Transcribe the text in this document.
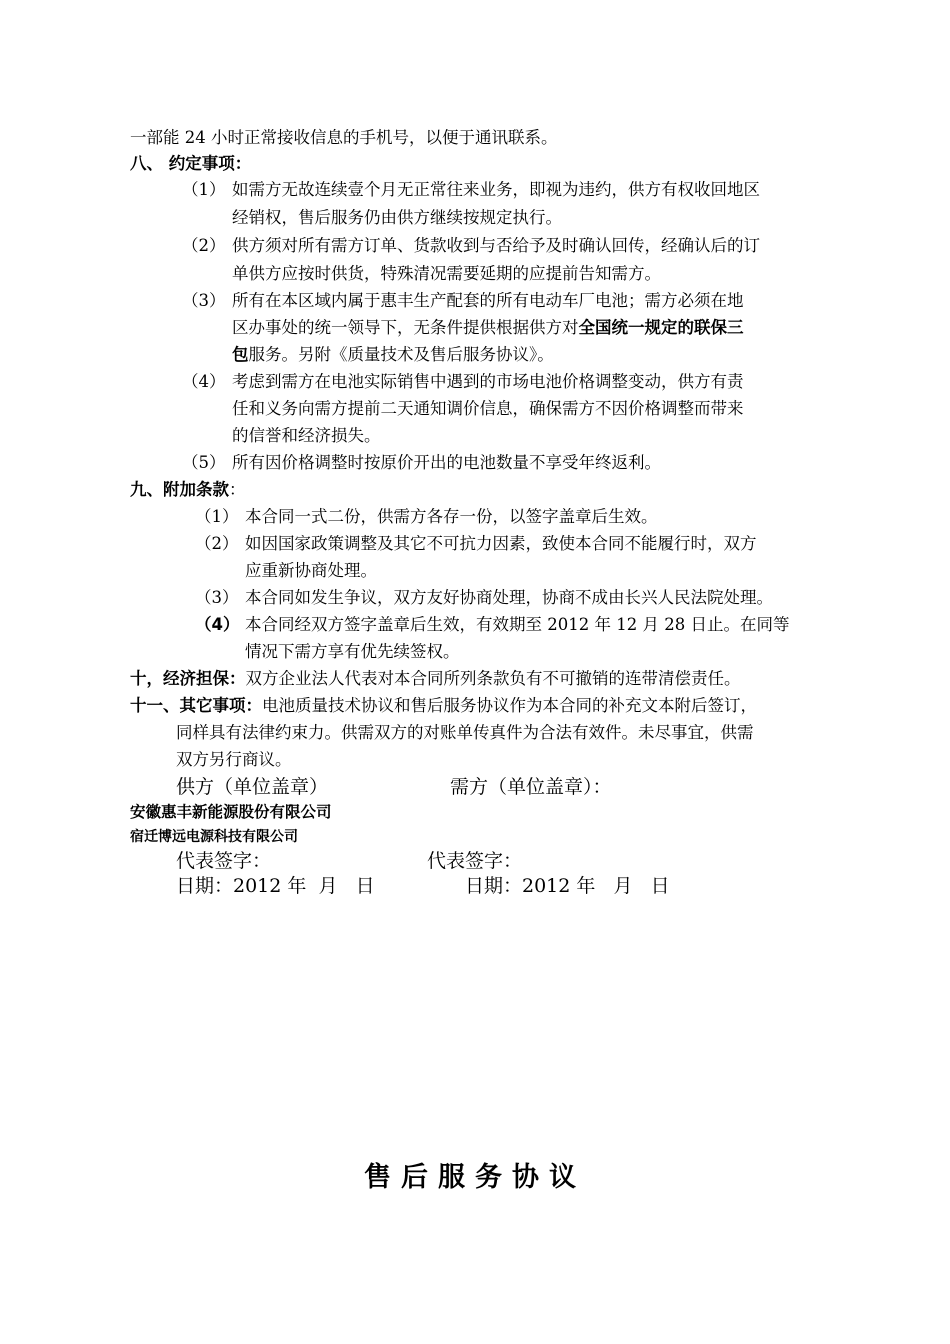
一部能 24 小时正常接收信息的手机号，以便于通讯联系。
八、 约定事项：
（1） 如需方无故连续壹个月无正常往来业务，即视为违约，供方有权收回地区
经销权，售后服务仍由供方继续按规定执行。
（2） 供方须对所有需方订单、货款收到与否给予及时确认回传，经确认后的订
单供方应按时供货，特殊清况需要延期的应提前告知需方。
（3） 所有在本区域内属于惠丰生产配套的所有电动车厂电池；需方必须在地
区办事处的统一领导下，无条件提供根据供方对全国统一规定的联保三
包服务。另附《质量技术及售后服务协议》。
（4） 考虑到需方在电池实际销售中遇到的市场电池价格调整变动，供方有责
任和义务向需方提前二天通知调价信息，确保需方不因价格调整而带来
的信誉和经济损失。
（5） 所有因价格调整时按原价开出的电池数量不享受年终返利。
九、附加条款：
（1） 本合同一式二份，供需方各存一份，以签字盖章后生效。
（2） 如因国家政策调整及其它不可抗力因素，致使本合同不能履行时，双方
应重新协商处理。
（3） 本合同如发生争议，双方友好协商处理，协商不成由长兴人民法院处理。
（4） 本合同经双方签字盖章后生效，有效期至 2012 年 12 月 28 日止。在同等
情况下需方享有优先续签权。
十，经济担保：双方企业法人代表对本合同所列条款负有不可撤销的连带清偿责任。
十一、其它事项：电池质量技术协议和售后服务协议作为本合同的补充文本附后签订，
同样具有法律约束力。供需双方的对账单传真件为合法有效件。未尽事宜，供需
双方另行商议。
供方（单位盖章）	需方（单位盖章）：
安徽惠丰新能源股份有限公司
宿迁博远电源科技有限公司
代表签字：	代表签字：
日期：2012 年  月   日	日期：2012 年   月   日
售后服务协议
